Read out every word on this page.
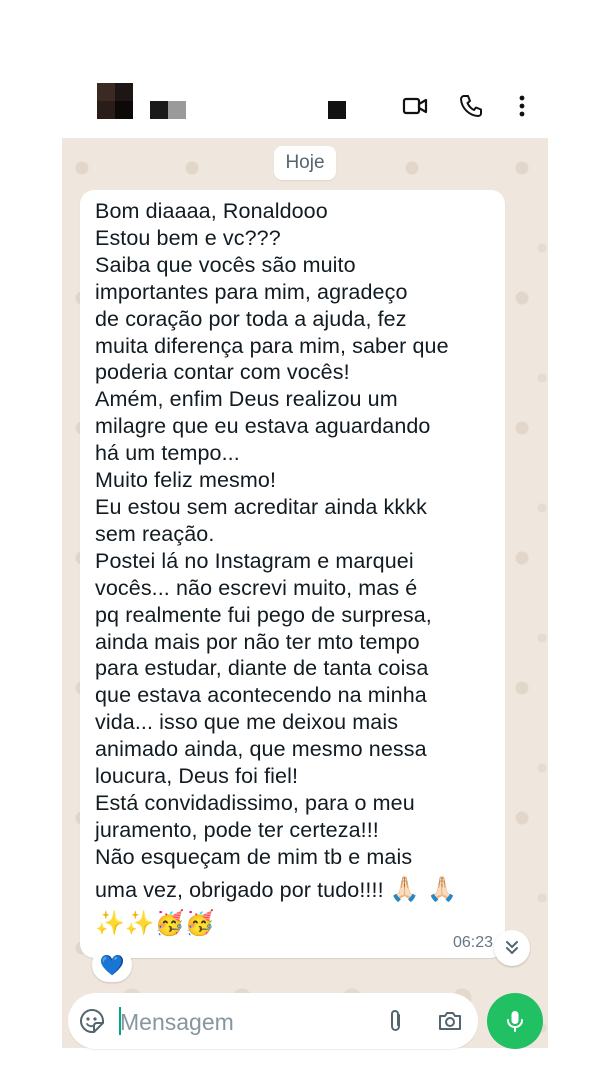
Hoje

Bom diaaaa, Ronaldooo
Estou bem e vc???
Saiba que vocês são muito
importantes para mim, agradeço
de coração por toda a ajuda, fez
muita diferença para mim, saber que
poderia contar com vocês!
Amém, enfim Deus realizou um
milagre que eu estava aguardando
há um tempo...
Muito feliz mesmo!
Eu estou sem acreditar ainda kkkk
sem reação.
Postei lá no Instagram e marquei
vocês... não escrevi muito, mas é
pq realmente fui pego de surpresa,
ainda mais por não ter mto tempo
para estudar, diante de tanta coisa
que estava acontecendo na minha
vida... isso que me deixou mais
animado ainda, que mesmo nessa
loucura, Deus foi fiel!
Está convidadissimo, para o meu
juramento, pode ter certeza!!!
Não esqueçam de mim tb e mais

uma vez, obrigado por tudo!!!! 🙏🏻 🙏🏻

✨✨🥳🥳
06:23
💙
Mensagem
